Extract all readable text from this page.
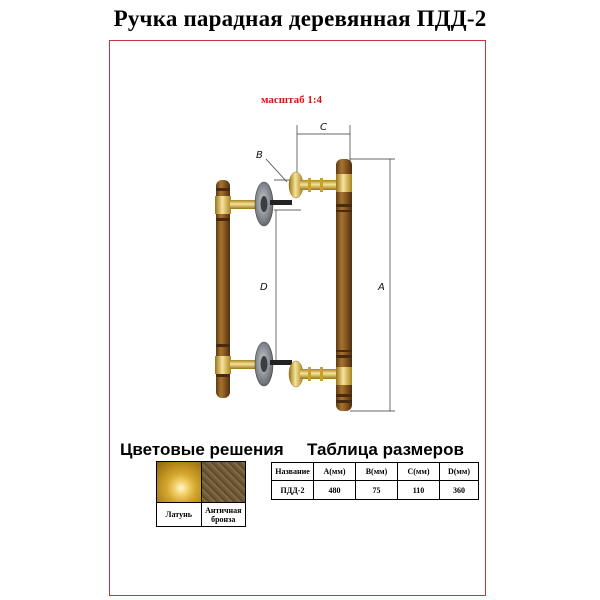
Ручка парадная деревянная ПДД-2
масштаб 1:4
C
B
A
D
Цветовые решения Таблица размеров
Латунь	Античная бронза
Название	A(мм)	B(мм)	C(мм)	D(мм)
ПДД-2	480	75	110	360
